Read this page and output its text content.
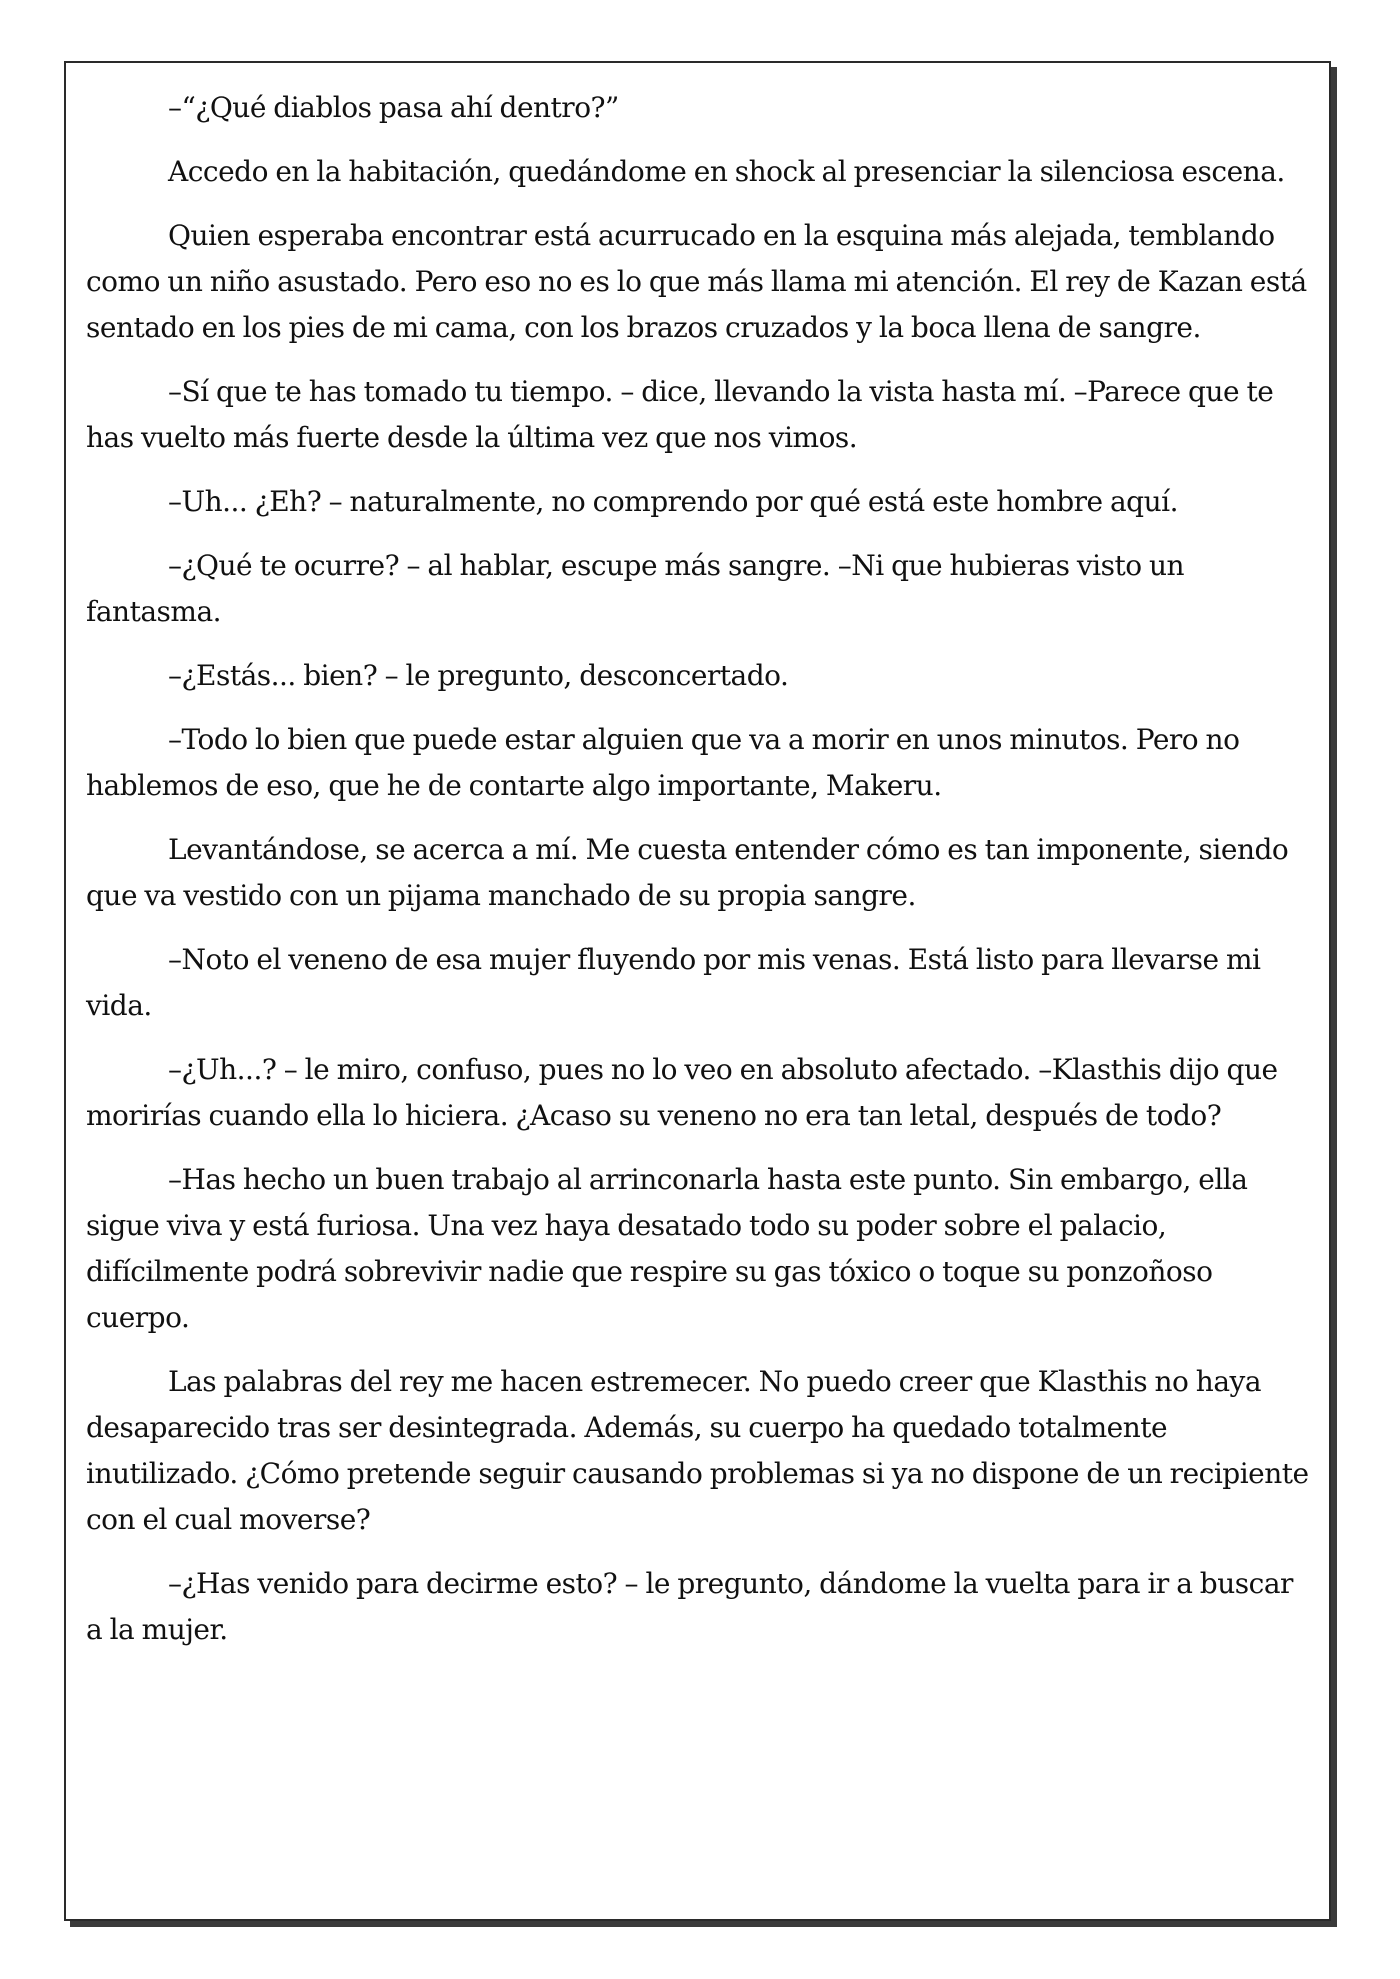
–“¿Qué diablos pasa ahí dentro?”

Accedo en la habitación, quedándome en shock al presenciar la silenciosa escena.

Quien esperaba encontrar está acurrucado en la esquina más alejada, temblando como un niño asustado. Pero eso no es lo que más llama mi atención. El rey de Kazan está sentado en los pies de mi cama, con los brazos cruzados y la boca llena de sangre.

–Sí que te has tomado tu tiempo. – dice, llevando la vista hasta mí. –Parece que te has vuelto más fuerte desde la última vez que nos vimos.

–Uh... ¿Eh? – naturalmente, no comprendo por qué está este hombre aquí.

–¿Qué te ocurre? – al hablar, escupe más sangre. –Ni que hubieras visto un fantasma.

–¿Estás... bien? – le pregunto, desconcertado.

–Todo lo bien que puede estar alguien que va a morir en unos minutos. Pero no hablemos de eso, que he de contarte algo importante, Makeru.

Levantándose, se acerca a mí. Me cuesta entender cómo es tan imponente, siendo que va vestido con un pijama manchado de su propia sangre.

–Noto el veneno de esa mujer fluyendo por mis venas. Está listo para llevarse mi vida.

–¿Uh...? – le miro, confuso, pues no lo veo en absoluto afectado. –Klasthis dijo que morirías cuando ella lo hiciera. ¿Acaso su veneno no era tan letal, después de todo?

–Has hecho un buen trabajo al arrinconarla hasta este punto. Sin embargo, ella sigue viva y está furiosa. Una vez haya desatado todo su poder sobre el palacio, difícilmente podrá sobrevivir nadie que respire su gas tóxico o toque su ponzoñoso cuerpo.

Las palabras del rey me hacen estremecer. No puedo creer que Klasthis no haya desaparecido tras ser desintegrada. Además, su cuerpo ha quedado totalmente inutilizado. ¿Cómo pretende seguir causando problemas si ya no dispone de un recipiente con el cual moverse?

–¿Has venido para decirme esto? – le pregunto, dándome la vuelta para ir a buscar a la mujer.
